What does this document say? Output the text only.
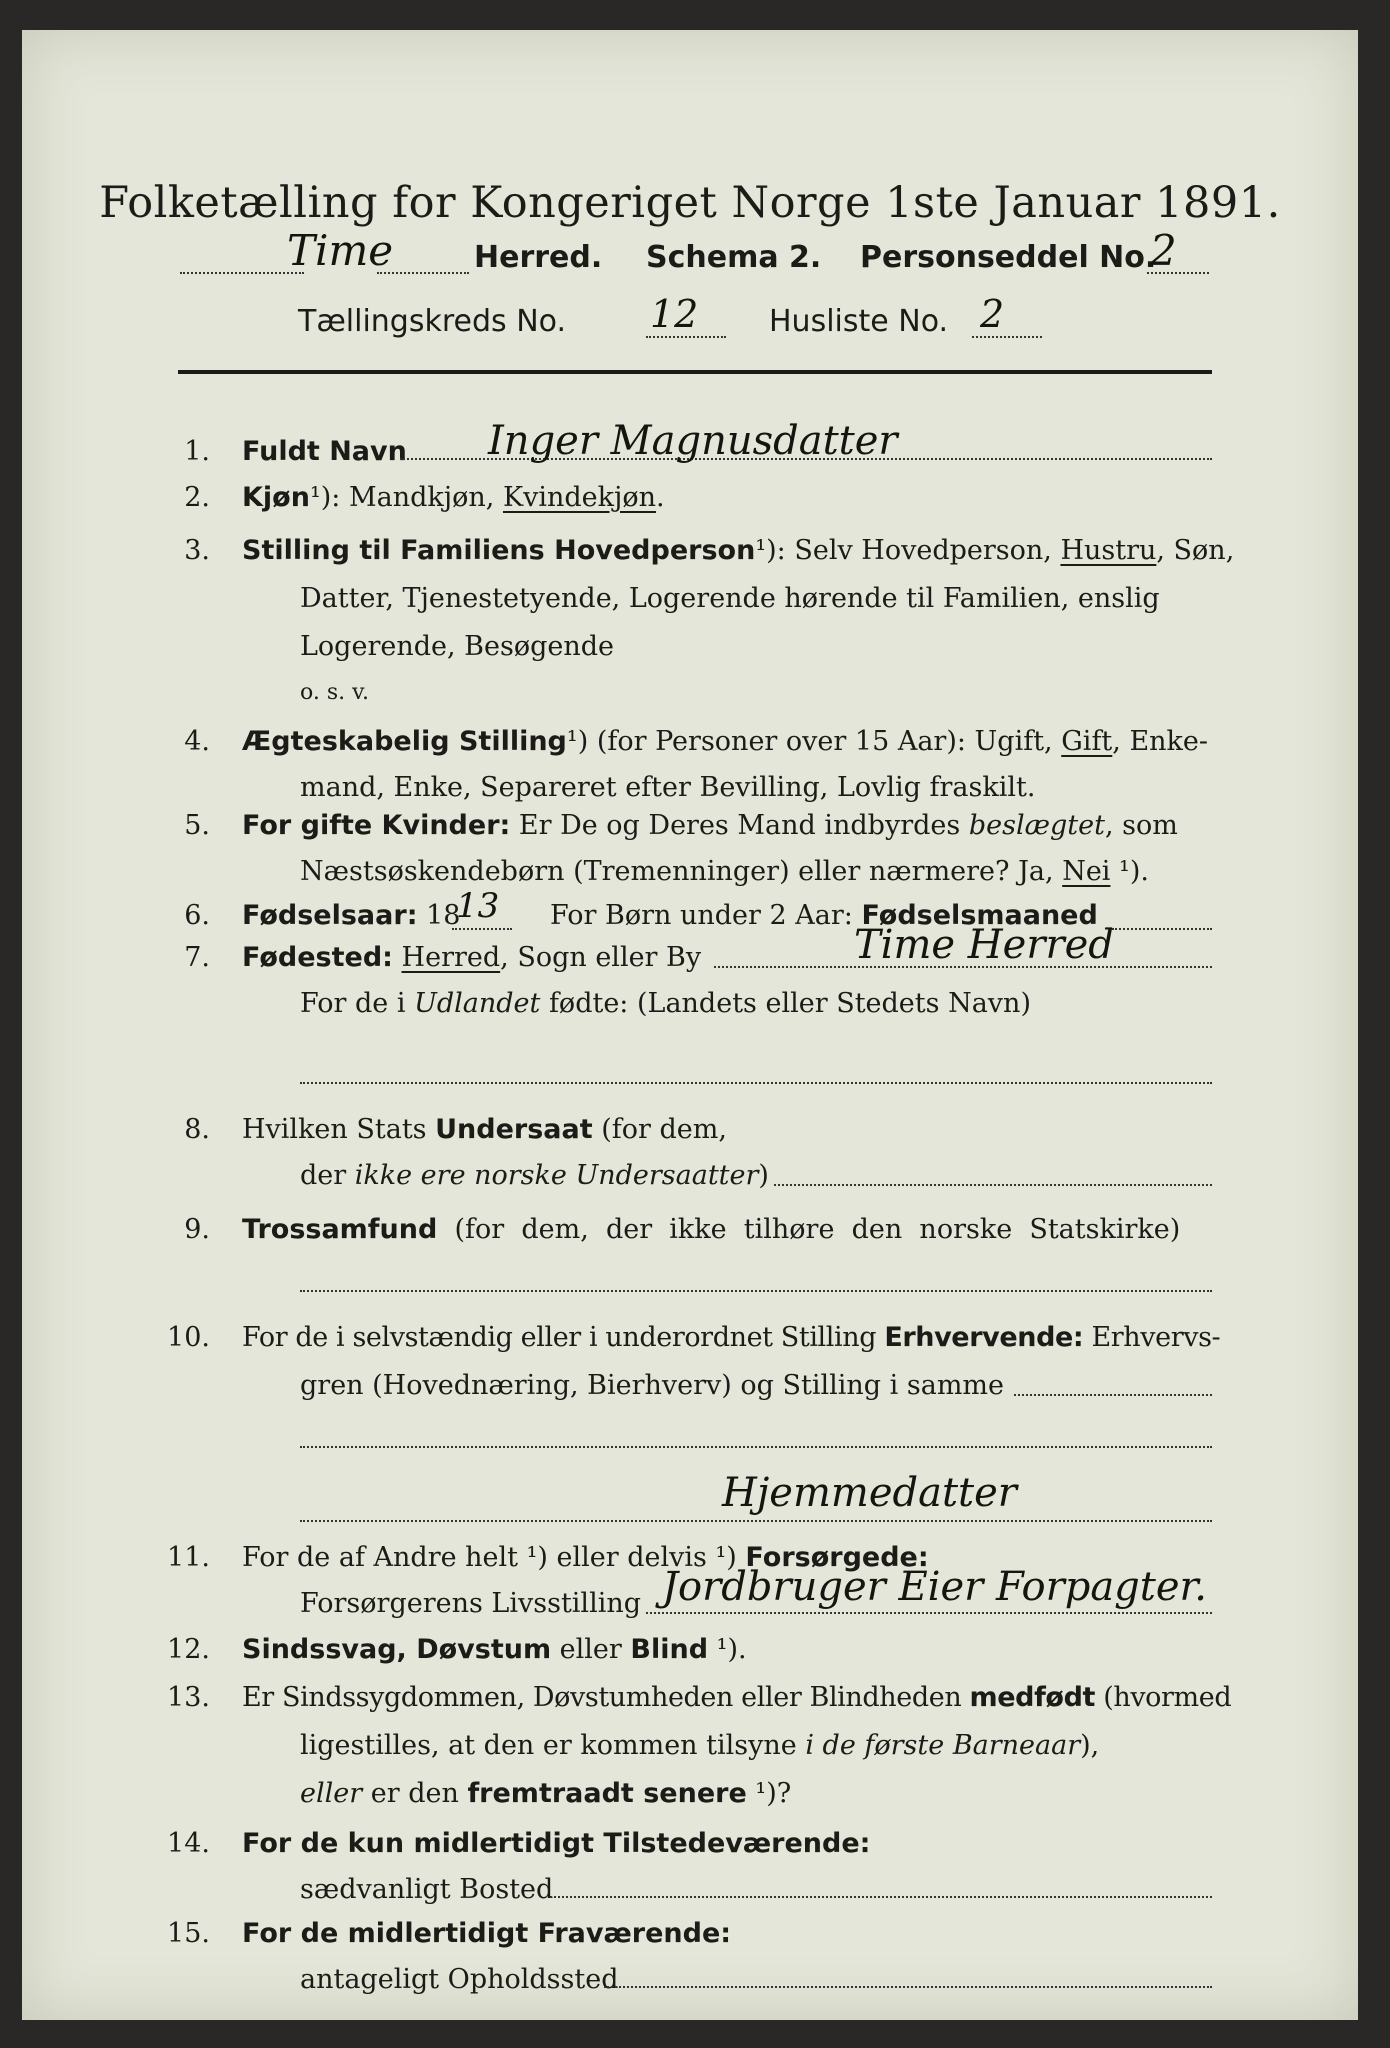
Folketælling for Kongeriget Norge 1ste Januar 1891.
Time	Herred. Schema 2. Personseddel No.
2
Tællingskreds No. 12 Husliste No. 2
1. Fuldt Navn Inger Magnusdatter
2. Kjøn¹): Mandkjøn, Kvindekjøn.
3. Stilling til Familiens Hovedperson¹): Selv Hovedperson, Hustru, Søn,
Datter, Tjenestetyende, Logerende hørende til Familien, enslig
Logerende, Besøgende
o. s. v.
4. Ægteskabelig Stilling¹) (for Personer over 15 Aar): Ugift, Gift, Enke-
mand, Enke, Separeret efter Bevilling, Lovlig fraskilt.
5. For gifte Kvinder: Er De og Deres Mand indbyrdes beslægtet, som
Næstsøskendebørn (Tremenninger) eller nærmere? Ja, Nei ¹).
6. Fødselsaar: 18
13 For Børn under 2 Aar: Fødselsmaaned
7. Fødested: Herred, Sogn eller By	Time Herred
For de i Udlandet fødte: (Landets eller Stedets Navn)
8. Hvilken Stats Undersaat (for dem,
der ikke ere norske Undersaatter)
9. Trossamfund  (for  dem,  der  ikke  tilhøre  den  norske  Statskirke)
10. For de i selvstændig eller i underordnet Stilling Erhvervende: Erhvervs-
gren (Hovednæring, Bierhverv) og Stilling i samme
Hjemmedatter
11. For de af Andre helt ¹) eller delvis ¹) Forsørgede:
Forsørgerens Livsstilling Jordbruger Eier Forpagter.
12. Sindssvag, Døvstum eller Blind ¹).
13. Er Sindssygdommen, Døvstumheden eller Blindheden medfødt (hvormed
ligestilles, at den er kommen tilsyne i de første Barneaar),
eller er den fremtraadt senere ¹)?
14. For de kun midlertidigt Tilstedeværende:
sædvanligt Bosted
15. For de midlertidigt Fraværende:
antageligt Opholdssted
